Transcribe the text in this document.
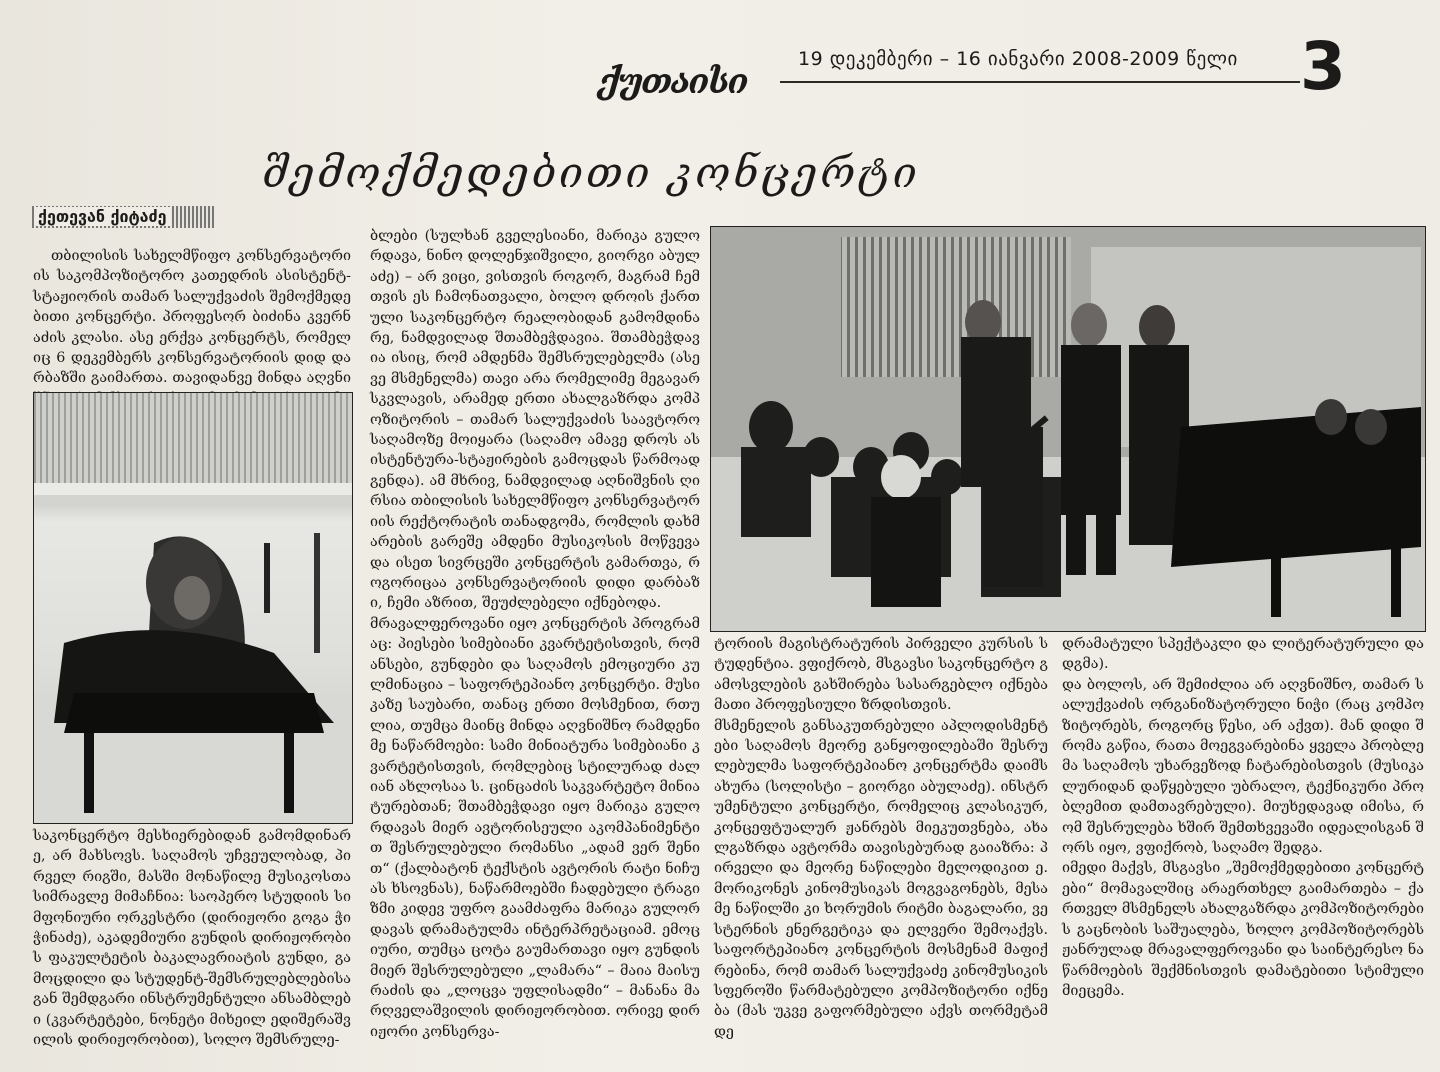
ქუთაისი
19 დეკემბერი – 16 იანვარი 2008-2009 წელი 3
შემოქმედებითი კონცერტი
ქეთევან ქიტაძე
თბილისის სახელმწიფო კონსერვატორიის საკომპოზიტორო კათედრის ასისტენტ-სტაჟიორის თამარ სალუქვაძის შემოქმედებითი კონცერტი. პროფესორ ბიძინა კვერნაძის კლასი. ასე ერქვა კონცერტს, რომელიც 6 დეკემბერს კონსერვატორიის დიდ დარბაზში გაიმართა. თავიდანვე მინდა აღვნი
საკონცერტო მესხიერებიდან გამომდინარე, არ მახსოვს. საღამოს უჩვეულობად, პირველ რიგში, მასში მონაწილე მუსიკოსთა სიმრავლე მიმაჩნია: საოპერო სტუდიის სიმფონიური ორკესტრი (დირიჟორი გოგა ჭიჭინაძე), აკადემიური გუნდის დირიჟორობის ფაკულტეტის ბაკალავრიატის გუნდი, გამოცდილი და სტუდენტ-შემსრულებლებისაგან შემდგარი ინსტრუმენტული ანსამბლები (კვარტეტები, ნონეტი მიხეილ ედიშერაშვილის დირიჟორობით), სოლო შემსრულე-
ბლები (სულხან გველესიანი, მარიკა გულორდავა, ნინო დოლენჯიშვილი, გიორგი აბულაძე) – არ ვიცი, ვისთვის როგორ, მაგრამ ჩემთვის ეს ჩამონათვალი, ბოლო დროის ქართული საკონცერტო რეალობიდან გამომდინარე, ნამდვილად შთამბეჭდავია. შთამბეჭდავია ისიც, რომ ამდენმა შემსრულებელმა (ასევე მსმენელმა) თავი არა რომელიმე მეგავარსკვლავის, არამედ ერთი ახალგაზრდა კომპოზიტორის – თამარ სალუქვაძის საავტორო საღამოზე მოიყარა (საღამო ამავე დროს ასისტენტურა-სტაჟირების გამოცდას წარმოადგენდა). ამ მხრივ, ნამდვილად აღნიშვნის ღირსია თბილისის სახელმწიფო კონსერვატორიის რექტორატის თანადგომა, რომლის დახმარების გარეშე ამდენი მუსიკოსის მოწვევა და ისეთ სივრცეში კონცერტის გამართვა, როგორიცაა კონსერვატორიის დიდი დარბაზი, ჩემი აზრით, შეუძლებელი იქნებოდა.
მრავალფეროვანი იყო კონცერტის პროგრამაც: პიესები სიმებიანი კვარტეტისთვის, რომანსები, გუნდები და საღამოს ემოციური კულმინაცია – საფორტეპიანო კონცერტი. მუსიკაზე საუბარი, თანაც ერთი მოსმენით, რთულია, თუმცა მაინც მინდა აღვნიშნო რამდენიმე ნაწარმოები: სამი მინიატურა სიმებიანი კვარტეტისთვის, რომლებიც სტილურად ძალიან ახლოსაა ს. ცინცაძის საკვარტეტო მინიატურებთან; შთამბეჭდავი იყო მარიკა გულორდავას მიერ ავტორისეული აკომპანიმენტით შესრულებული რომანსი „ადამ ვერ შენით“ (ქალბატონ ტექსტის ავტორის რატი ნიჩუას ხსოვნას), ნაწარმოებში ჩადებული ტრაგიზმი კიდევ უფრო გაამძაფრა მარიკა გულორდავას დრამატულმა ინტერპრეტაციამ. ემოციური, თუმცა ცოტა გაუმართავი იყო გუნდის მიერ შესრულებული „ლამარა“ – მაია მაისურაძის და „ლოცვა უფლისადმი“ – მანანა მარღველაშვილის დირიჟორობით. ორივე დირიჟორი კონსერვა-
ტორიის მაგისტრატურის პირველი კურსის სტუდენტია. ვფიქრობ, მსგავსი საკონცერტო გამოსვლების გახშირება სასარგებლო იქნება მათი პროფესიული ზრდისთვის.
მსმენელის განსაკუთრებული აპლოდისმენტები საღამოს მეორე განყოფილებაში შესრულებულმა საფორტეპიანო კონცერტმა დაიმსახურა (სოლისტი – გიორგი აბულაძე). ინსტრუმენტული კონცერტი, რომელიც კლასიკურ, კონცეფტუალურ ჟანრებს მიეკუთვნება, ახალგაზრდა ავტორმა თავისებურად გაიაზრა: პირველი და მეორე ნაწილები მელოდიკით ე. მორიკონეს კინომუსიკას მოგვაგონებს, მესამე ნაწილში კი ხორუმის რიტმი ბაგალარი, ვესტერნის ენერგეტიკა და ელვერი შემოაქვს. საფორტეპიანო კონცერტის მოსმენამ მაფიქრებინა, რომ თამარ სალუქვაძე კინომუსიკის სფეროში წარმატებული კომპოზიტორი იქნება (მას უკვე გაფორმებული აქვს თორმეტამდე
დრამატული სპექტაკლი და ლიტერატურული დადგმა).
და ბოლოს, არ შემიძლია არ აღვნიშნო, თამარ სალუქვაძის ორგანიზატორული ნიჭი (რაც კომპოზიტორებს, როგორც წესი, არ აქვთ). მან დიდი შრომა გაწია, რათა მოეგვარებინა ყველა პრობლემა საღამოს უხარვეზოდ ჩატარებისთვის (მუსიკალურიდან დაწყებული უბრალო, ტექნიკური პრობლემით დამთავრებული). მიუხედავად იმისა, რომ შესრულება ხშირ შემთხვევაში იდეალისგან შორს იყო, ვფიქრობ, საღამო შედგა.
იმედი მაქვს, მსგავსი „შემოქმედებითი კონცერტები“ მომავალშიც არაერთხელ გაიმართება – ქართველ მსმენელს ახალგაზრდა კომპოზიტორების გაცნობის საშუალება, ხოლო კომპოზიტორებს ჟანრულად მრავალფეროვანი და საინტერესო ნაწარმოების შექმნისთვის დამატებითი სტიმული მიეცემა.
